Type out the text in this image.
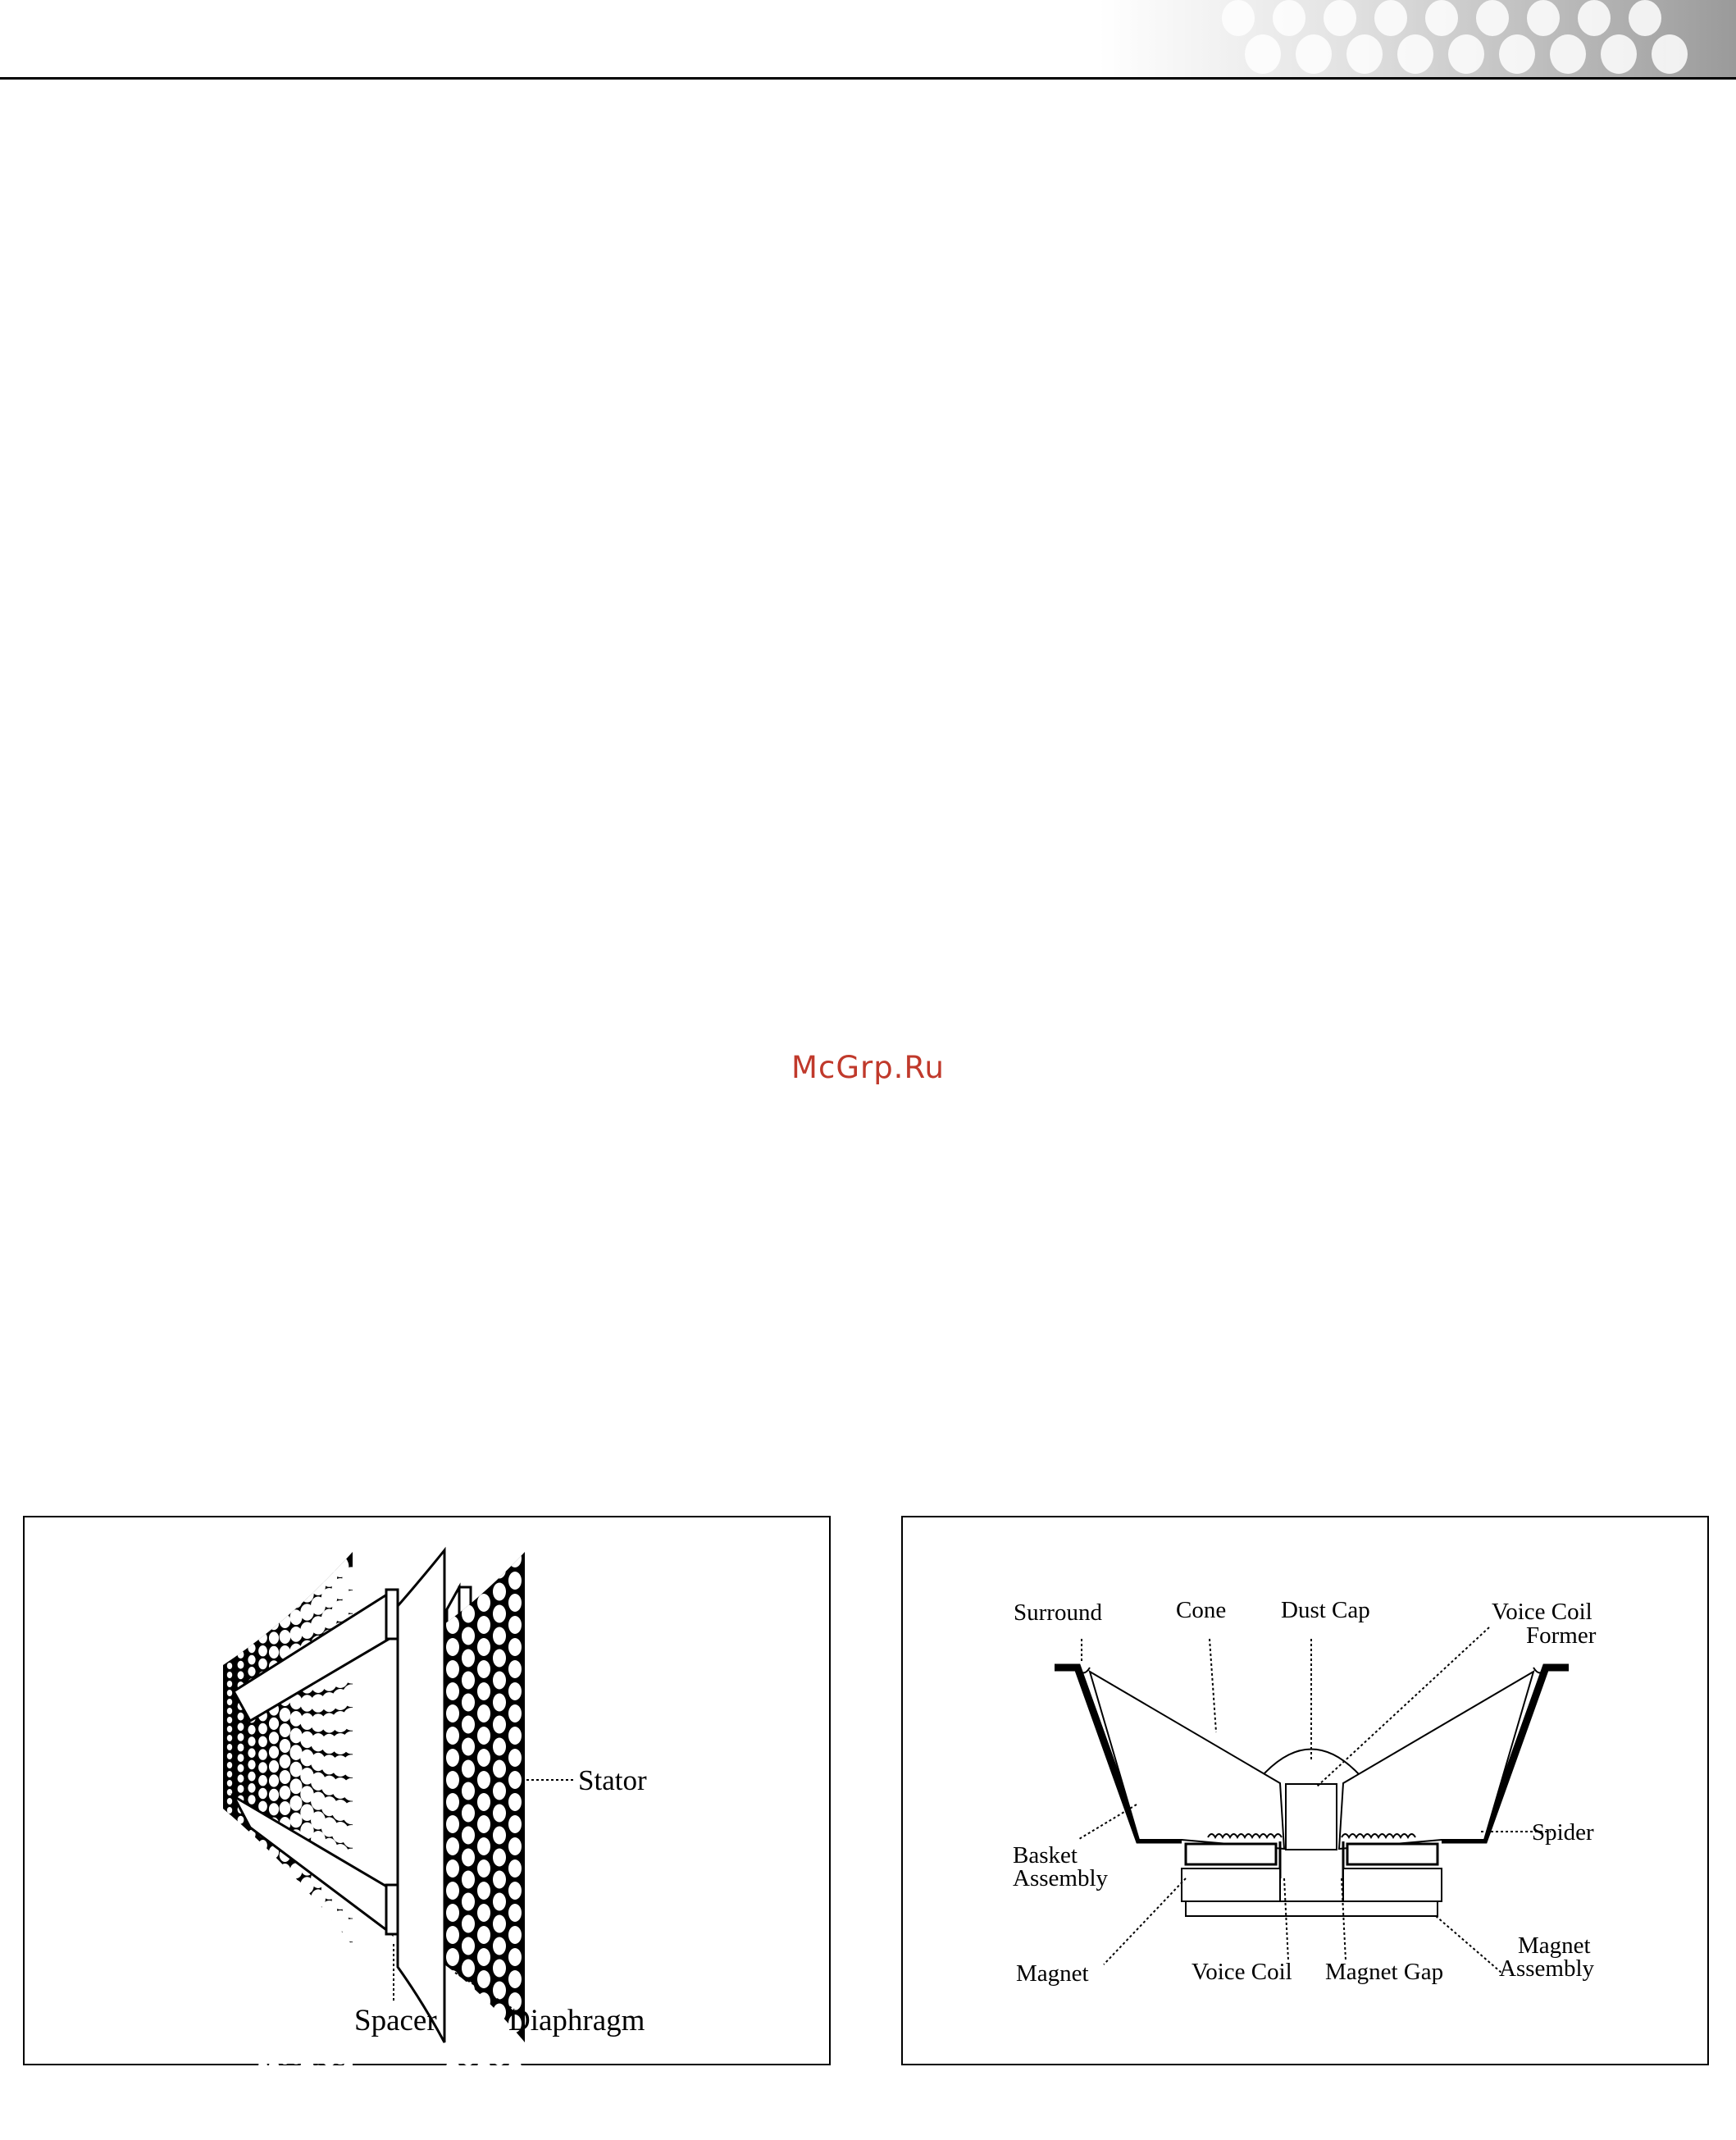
McGrp.Ru
Stator
Spacer Diaphragm
Surround	Cone Dust Cap	Voice Coil
Former
Spider
Basket
Assembly
Magnet	Voice Coil Magnet Gap
Magnet
Assembly
